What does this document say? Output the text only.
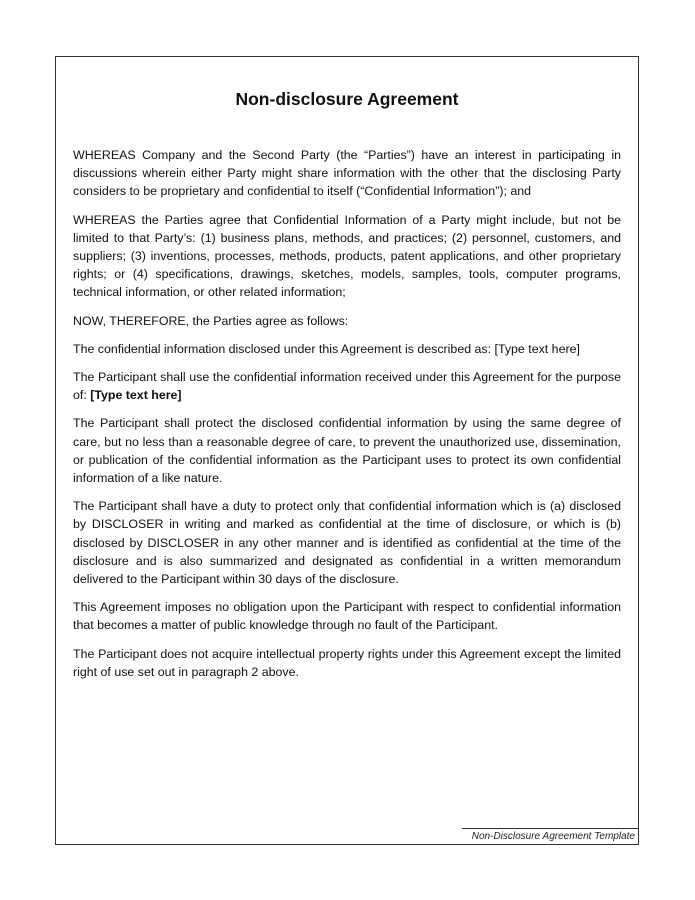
Non-disclosure Agreement

WHEREAS Company and the Second Party (the “Parties”) have an interest in participating in discussions wherein either Party might share information with the other that the disclosing Party considers to be proprietary and confidential to itself (“Confidential Information”); and

WHEREAS the Parties agree that Confidential Information of a Party might include, but not be limited to that Party’s: (1) business plans, methods, and practices; (2) personnel, customers, and suppliers; (3) inventions, processes, methods, products, patent applications, and other proprietary rights; or (4) specifications, drawings, sketches, models, samples, tools, computer programs, technical information, or other related information;

NOW, THEREFORE, the Parties agree as follows:

The confidential information disclosed under this Agreement is described as: [Type text here]

The Participant shall use the confidential information received under this Agreement for the purpose of: [Type text here]

The Participant shall protect the disclosed confidential information by using the same degree of care, but no less than a reasonable degree of care, to prevent the unauthorized use, dissemination, or publication of the confidential information as the Participant uses to protect its own confidential information of a like nature.

The Participant shall have a duty to protect only that confidential information which is (a) disclosed by DISCLOSER in writing and marked as confidential at the time of disclosure, or which is (b) disclosed by DISCLOSER in any other manner and is identified as confidential at the time of the disclosure and is also summarized and designated as confidential in a written memorandum delivered to the Participant within 30 days of the disclosure.

This Agreement imposes no obligation upon the Participant with respect to confidential information that becomes a matter of public knowledge through no fault of the Participant.

The Participant does not acquire intellectual property rights under this Agreement except the limited right of use set out in paragraph 2 above.

Non-Disclosure Agreement Template
